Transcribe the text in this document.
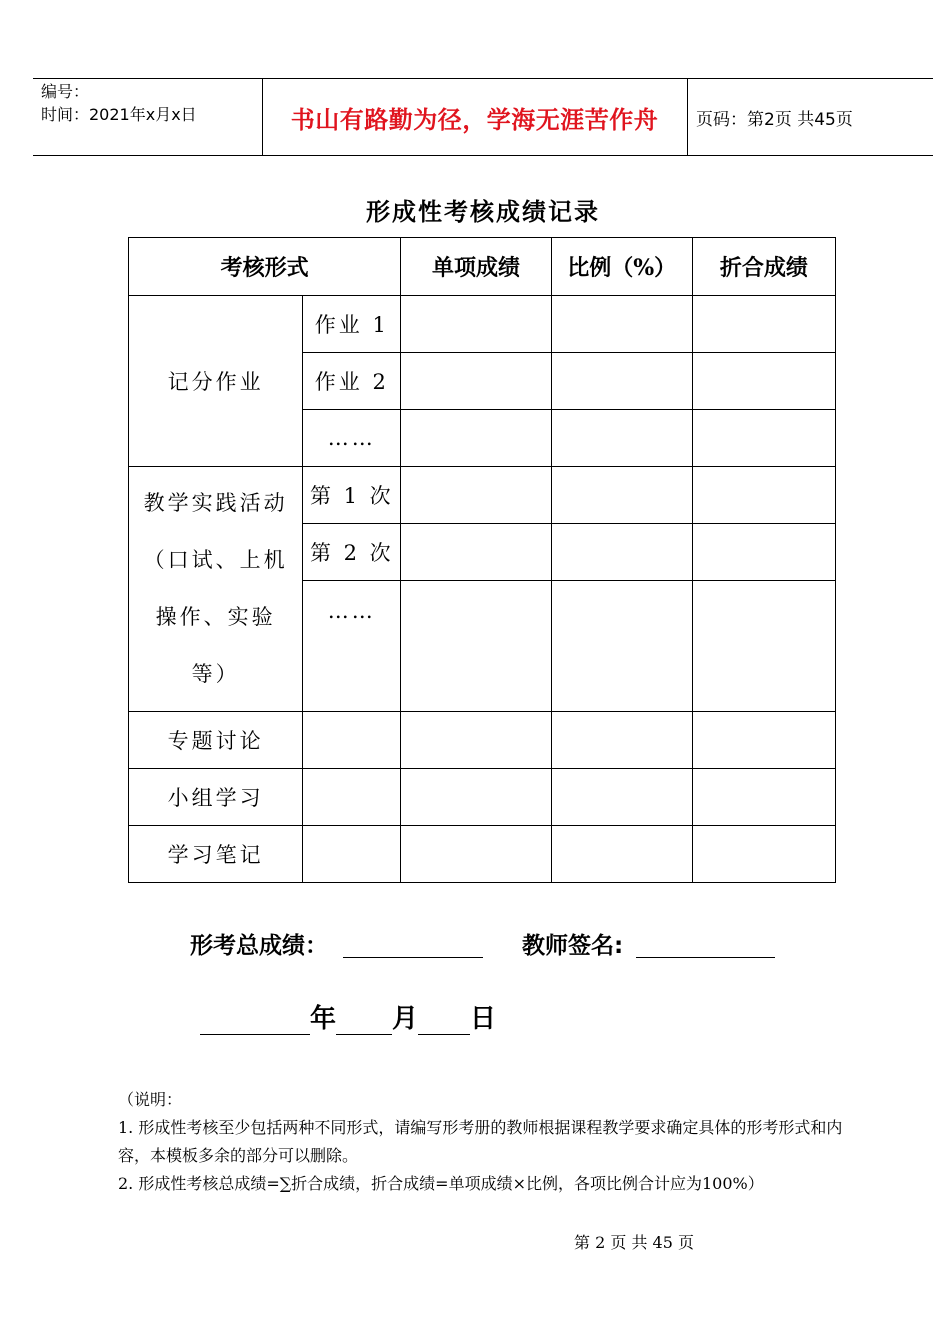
编号：
时间：2021年x月x日	书山有路勤为径，学海无涯苦作舟	页码：第2页 共45页
形成性考核成绩记录
考核形式		单项成绩	比例（%）	折合成绩
记分作业	作业 1			
	作业 2			
	……			

教学实践活动
（口试、上机
操作、实验
等）	第 1 次			
	第 2 次			
	……			
专题讨论				
小组学习				
学习笔记				
形考总成绩：	教师签名:
年 月 日

（说明：

1. 形成性考核至少包括两种不同形式，请编写形考册的教师根据课程教学要求确定具体的形考形式和内容，本模板多余的部分可以删除。

2. 形成性考核总成绩=∑折合成绩，折合成绩=单项成绩×比例，各项比例合计应为100%）

第 2 页 共 45 页
